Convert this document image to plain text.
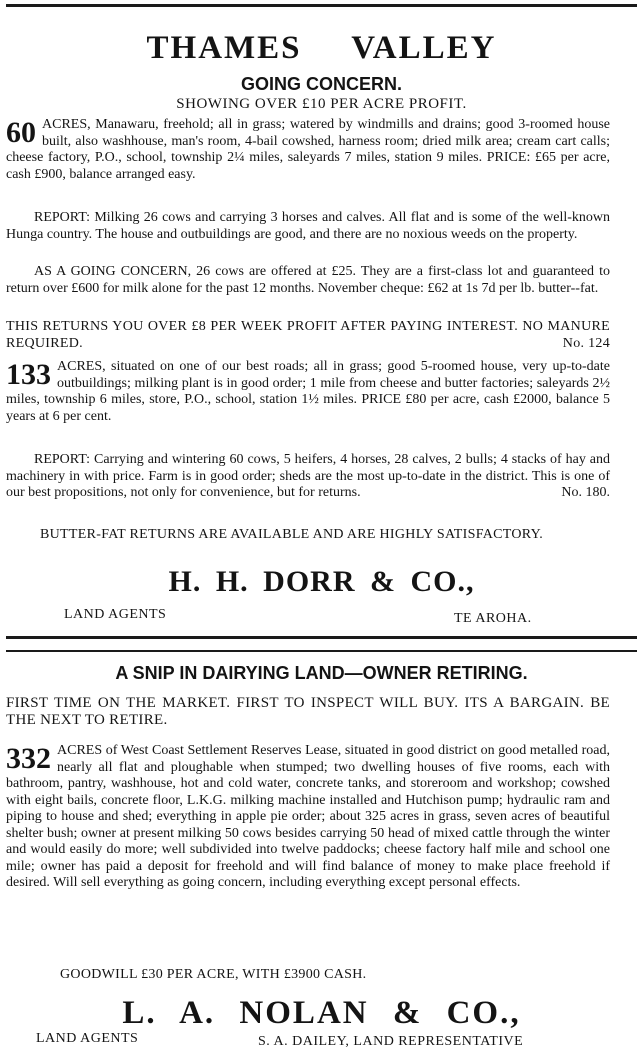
THAMES VALLEY
GOING CONCERN.
SHOWING OVER £10 PER ACRE PROFIT.
60 ACRES, Manawaru, freehold; all in grass; watered by windmills and drains; good 3-roomed house built, also washhouse, man's room, 4-bail cowshed, harness room; dried milk area; cream cart calls; cheese factory, P.O., school, township 2¼ miles, saleyards 7 miles, station 9 miles. PRICE: £65 per acre, cash £900, balance arranged easy.
REPORT: Milking 26 cows and carrying 3 horses and calves. All flat and is some of the well-known Hunga country. The house and outbuildings are good, and there are no noxious weeds on the property.
AS A GOING CONCERN, 26 cows are offered at £25. They are a first-class lot and guaranteed to return over £600 for milk alone for the past 12 months. November cheque: £62 at 1s 7d per lb. butter--fat.
THIS RETURNS YOU OVER £8 PER WEEK PROFIT AFTER PAYING INTEREST. NO MANURE REQUIRED.	No. 124
133 ACRES, situated on one of our best roads; all in grass; good 5-roomed house, very up-to-date outbuildings; milking plant is in good order; 1 mile from cheese and butter factories; saleyards 2½ miles, township 6 miles, store, P.O., school, station 1½ miles. PRICE £80 per acre, cash £2000, balance 5 years at 6 per cent.
REPORT: Carrying and wintering 60 cows, 5 heifers, 4 horses, 28 calves, 2 bulls; 4 stacks of hay and machinery in with price. Farm is in good order; sheds are the most up-to-date in the district. This is one of our best propositions, not only for convenience, but for returns.	No. 180.
BUTTER-FAT RETURNS ARE AVAILABLE AND ARE HIGHLY SATISFACTORY.
H. H. DORR & CO.,
LAND AGENTS	TE AROHA.
A SNIP IN DAIRYING LAND—OWNER RETIRING.
FIRST TIME ON THE MARKET. FIRST TO INSPECT WILL BUY. ITS A BARGAIN. BE THE NEXT TO RETIRE.
332 ACRES of West Coast Settlement Reserves Lease, situated in good district on good metalled road, nearly all flat and ploughable when stumped; two dwelling houses of five rooms, each with bathroom, pantry, washhouse, hot and cold water, concrete tanks, and storeroom and workshop; cowshed with eight bails, concrete floor, L.K.G. milking machine installed and Hutchison pump; hydraulic ram and piping to house and shed; everything in apple pie order; about 325 acres in grass, seven acres of beautiful shelter bush; owner at present milking 50 cows besides carrying 50 head of mixed cattle through the winter and would easily do more; well subdivided into twelve paddocks; cheese factory half mile and school one mile; owner has paid a deposit for freehold and will find balance of money to make place freehold if desired. Will sell everything as going concern, including everything except personal effects.
GOODWILL £30 PER ACRE, WITH £3900 CASH.
L. A. NOLAN & CO.,
LAND AGENTS	S. A. DAILEY, LAND REPRESENTATIVE
